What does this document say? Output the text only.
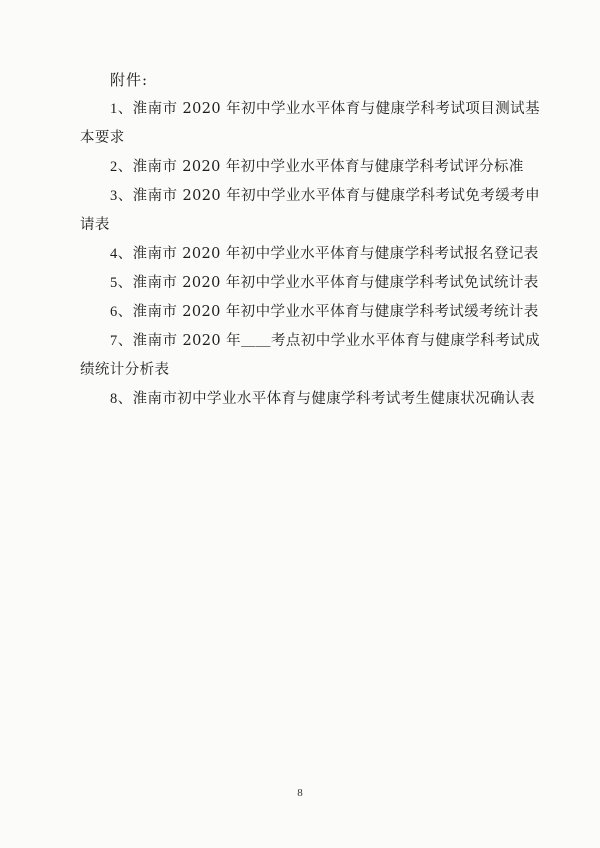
附件:

1、淮南市 2020 年初中学业水平体育与健康学科考试项目测试基本要求

2、淮南市 2020 年初中学业水平体育与健康学科考试评分标准

3、淮南市 2020 年初中学业水平体育与健康学科考试免考缓考申请表

4、淮南市 2020 年初中学业水平体育与健康学科考试报名登记表

5、淮南市 2020 年初中学业水平体育与健康学科考试免试统计表

6、淮南市 2020 年初中学业水平体育与健康学科考试缓考统计表

7、淮南市 2020 年＿＿考点初中学业水平体育与健康学科考试成绩统计分析表

8、淮南市初中学业水平体育与健康学科考试考生健康状况确认表

8
